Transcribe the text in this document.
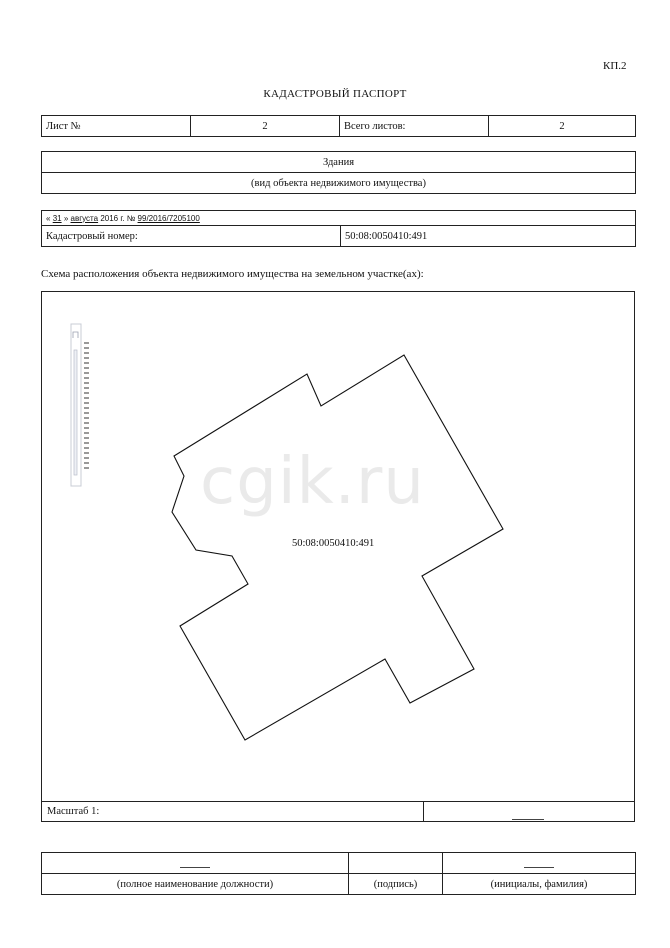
КП.2
КАДАСТРОВЫЙ ПАСПОРТ
Лист №	2	Всего листов:	2
Здания
(вид объекта недвижимого имущества)
« 31 » августа 2016 г. № 99/2016/7205100
Кадастровый номер:	50:08:0050410:491
Схема расположения объекта недвижимого имущества на земельном участке(ах):
Масштаб 1:
cgik.ru
50:08:0050410:491

(полное наименование должности)	(подпись)	(инициалы, фамилия)
